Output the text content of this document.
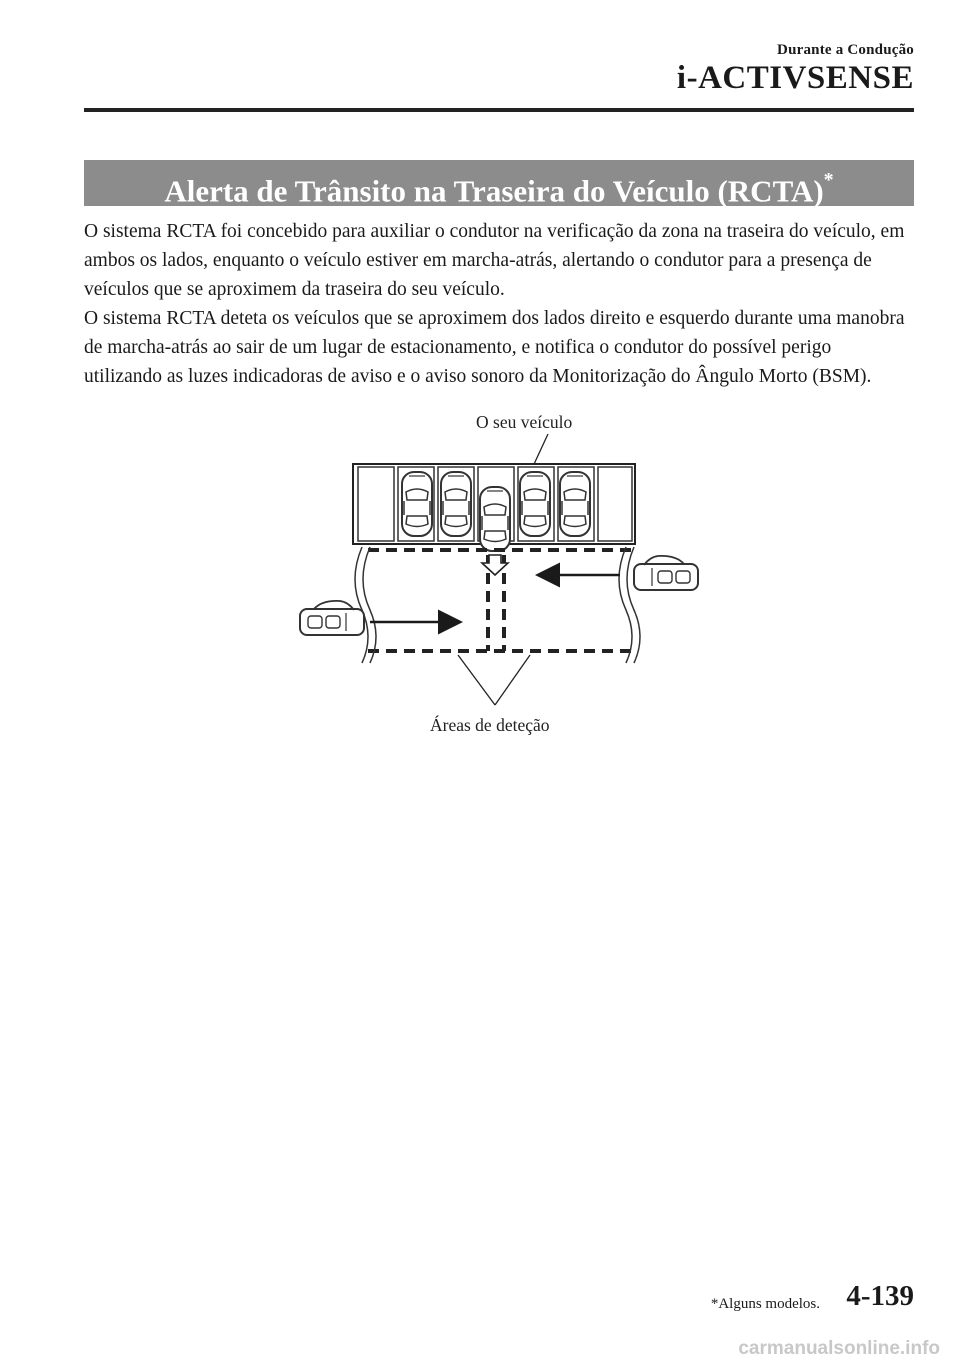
Durante a Condução
i-ACTIVSENSE
Alerta de Trânsito na Traseira do Veículo (RCTA)*

O sistema RCTA foi concebido para auxiliar o condutor na verificação da zona na traseira do veículo, em ambos os lados, enquanto o veículo estiver em marcha-atrás, alertando o condutor para a presença de veículos que se aproximem da traseira do seu veículo.

O sistema RCTA deteta os veículos que se aproximem dos lados direito e esquerdo durante uma manobra de marcha-atrás ao sair de um lugar de estacionamento, e notifica o condutor do possível perigo utilizando as luzes indicadoras de aviso e o aviso sonoro da Monitorização do Ângulo Morto (BSM).

O seu veículo
Áreas de deteção
*Alguns modelos. 4-139
carmanualsonline.info
